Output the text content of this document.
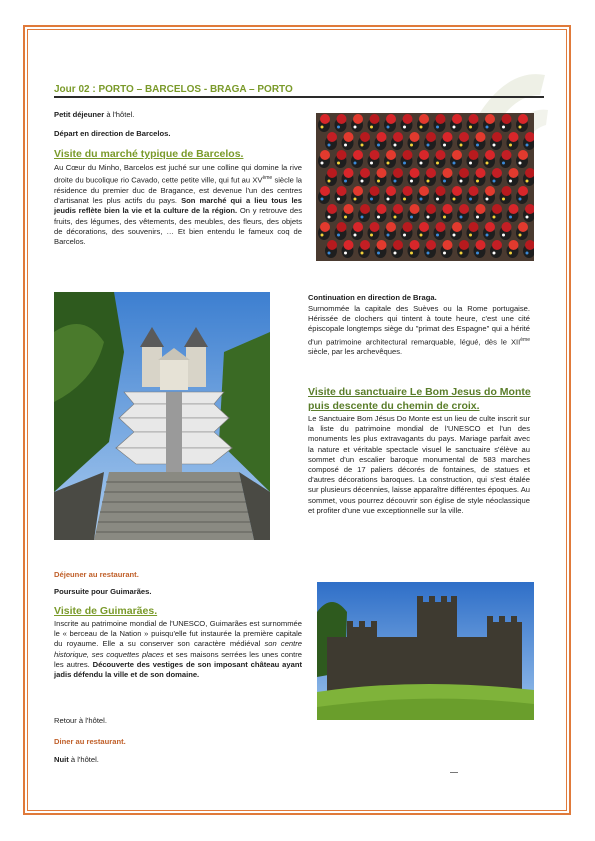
Jour 02 : PORTO – BARCELOS - BRAGA – PORTO

Petit déjeuner à l'hôtel.

Départ en direction de Barcelos.

Visite du marché typique de Barcelos.

Au Cœur du Minho, Barcelos est juché sur une colline qui domine la rive droite du bucolique rio Cavado, cette petite ville, qui fut au XVème siècle la résidence du premier duc de Bragance, est devenue l'un des centres d'artisanat les plus actifs du pays. Son marché qui a lieu tous les jeudis reflète bien la vie et la culture de la région. On y retrouve des fruits, des légumes, des vêtements, des meubles, des fleurs, des objets de décorations, des souvenirs, … Et bien entendu le fameux coq de Barcelos.

Continuation en direction de Braga.

Surnommée la capitale des Suèves ou la Rome portugaise. Hérissée de clochers qui tintent à toute heure, c'est une cité épiscopale longtemps siège du "primat des Espagne" qui a hérité d'un patrimoine architectural remarquable, légué, dès le XIIème siècle, par les archevêques.

Visite du sanctuaire Le Bom Jesus do Monte puis descente du chemin de croix.

Le Sanctuaire Bom Jésus Do Monte est un lieu de culte inscrit sur la liste du patrimoine mondial de l'UNESCO et l'un des monuments les plus extravagants du pays. Mariage parfait avec la nature et véritable spectacle visuel le sanctuaire s'élève au sommet d'un escalier baroque monumental de 583 marches composé de 17 paliers décorés de fontaines, de statues et d'autres décorations baroques. La construction, qui s'est étalée sur plusieurs décennies, laisse apparaître différentes époques. Au sommet, vous pourrez découvrir son église de style néoclassique et profiter d'une vue exceptionnelle sur la ville.

Déjeuner au restaurant.

Poursuite pour Guimarães.

Visite de Guimarães.

Inscrite au patrimoine mondial de l'UNESCO, Guimarães est surnommée le « berceau de la Nation » puisqu'elle fut instaurée la première capitale du royaume. Elle a su conserver son caractère médiéval son centre historique, ses coquettes places et ses maisons serrées les unes contre les autres. Découverte des vestiges de son imposant château ayant jadis défendu la ville et de son domaine.

Retour à l'hôtel.

Diner au restaurant.

Nuit à l'hôtel.
